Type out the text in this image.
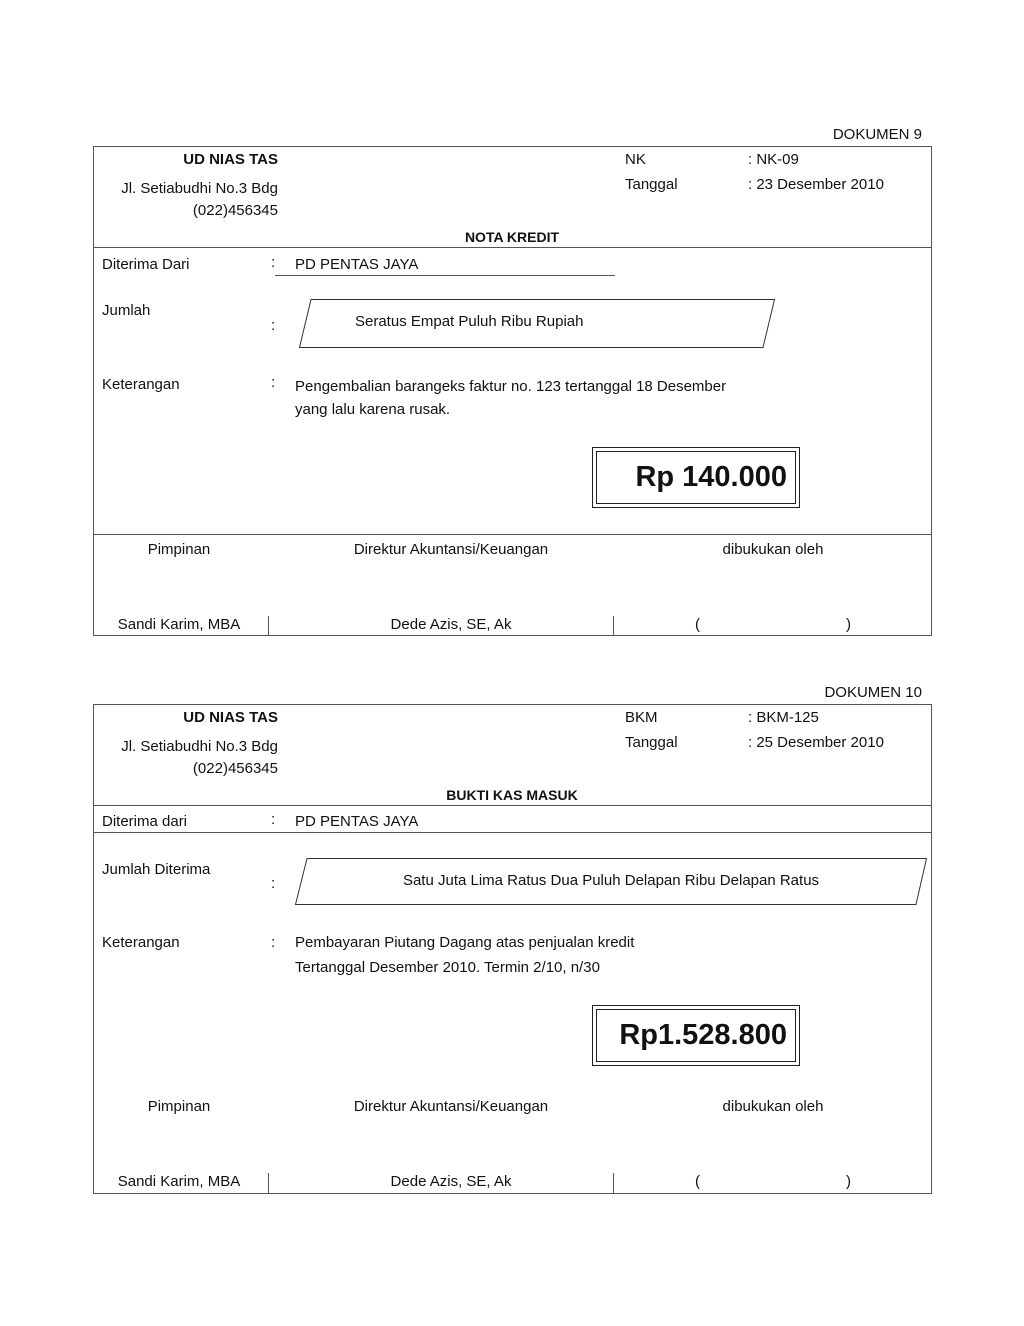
DOKUMEN 9
UD NIAS TAS
Jl. Setiabudhi No.3 Bdg
(022)456345
NK	: NK-09
Tanggal	: 23 Desember 2010
NOTA KREDIT
Diterima Dari	: PD PENTAS JAYA
Jumlah
:	Seratus Empat Puluh Ribu Rupiah
Keterangan	: Pengembalian barangeks faktur no. 123 tertanggal 18 Desember
yang lalu karena rusak.
Rp 140.000
Pimpinan	Direktur Akuntansi/Keuangan	dibukukan oleh
Sandi Karim, MBA	Dede Azis, SE, Ak	(	)
DOKUMEN 10
UD NIAS TAS
Jl. Setiabudhi No.3 Bdg
(022)456345
BKM	: BKM-125
Tanggal	: 25 Desember 2010
BUKTI KAS MASUK
Diterima dari	: PD PENTAS JAYA
Jumlah Diterima
:	Satu Juta Lima Ratus Dua Puluh Delapan Ribu Delapan Ratus
Keterangan	: Pembayaran Piutang Dagang atas penjualan kredit
Tertanggal Desember 2010. Termin 2/10, n/30
Rp1.528.800
Pimpinan	Direktur Akuntansi/Keuangan	dibukukan oleh
Sandi Karim, MBA	Dede Azis, SE, Ak	(	)
